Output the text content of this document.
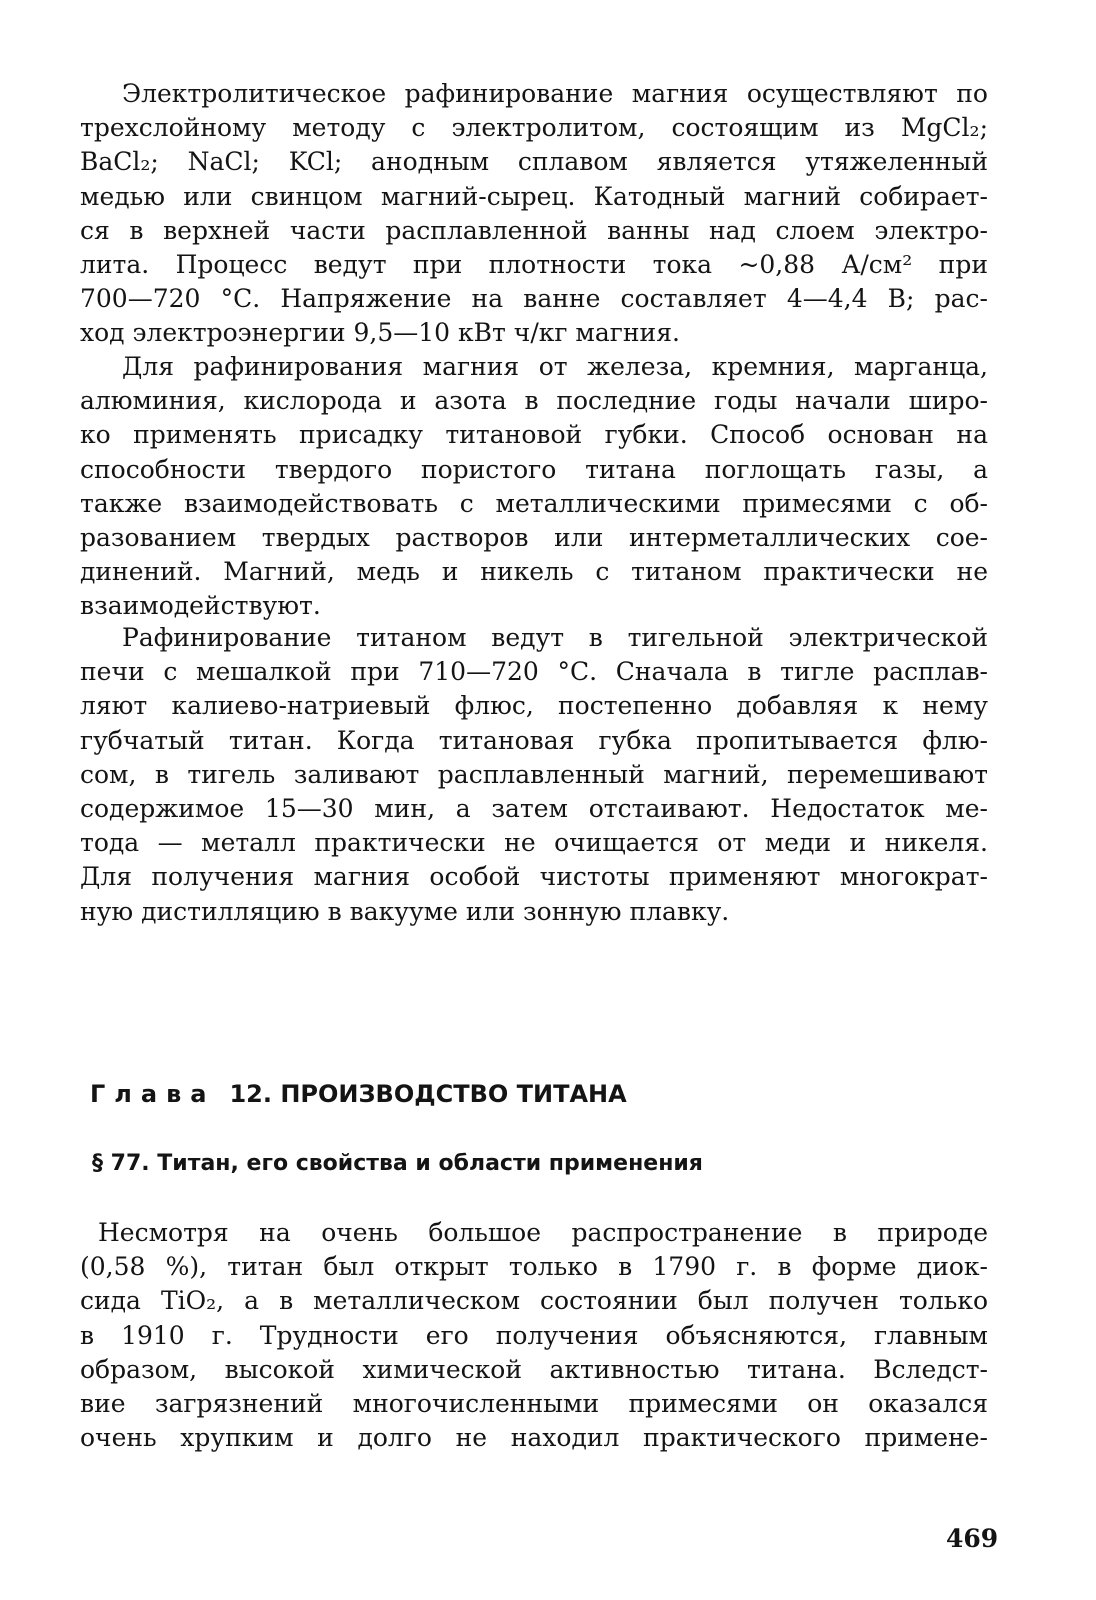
Электролитическое рафинирование магния осуществляют по
трехслойному методу с электролитом, состоящим из MgCl₂;
BaCl₂; NaCl; KCl; анодным сплавом является утяжеленный
медью или свинцом магний-сырец. Катодный магний собирает-
ся в верхней части расплавленной ванны над слоем электро-
лита. Процесс ведут при плотности тока ~0,88 А/см² при
700—720 °С. Напряжение на ванне составляет 4—4,4 В; рас-
ход электроэнергии 9,5—10 кВт ч/кг магния.
Для рафинирования магния от железа, кремния, марганца,
алюминия, кислорода и азота в последние годы начали широ-
ко применять присадку титановой губки. Способ основан на
способности твердого пористого титана поглощать газы, а
также взаимодействовать с металлическими примесями с об-
разованием твердых растворов или интерметаллических сое-
динений. Магний, медь и никель с титаном практически не
взаимодействуют.
Рафинирование титаном ведут в тигельной электрической
печи с мешалкой при 710—720 °С. Сначала в тигле расплав-
ляют калиево-натриевый флюс, постепенно добавляя к нему
губчатый титан. Когда титановая губка пропитывается флю-
сом, в тигель заливают расплавленный магний, перемешивают
содержимое 15—30 мин, а затем отстаивают. Недостаток ме-
тода — металл практически не очищается от меди и никеля.
Для получения магния особой чистоты применяют многократ-
ную дистилляцию в вакууме или зонную плавку.
Глава 12. ПРОИЗВОДСТВО ТИТАНА
§ 77. Титан, его свойства и области применения
Несмотря на очень большое распространение в природе
(0,58 %), титан был открыт только в 1790 г. в форме диок-
сида TiO₂, а в металлическом состоянии был получен только
в 1910 г. Трудности его получения объясняются, главным
образом, высокой химической активностью титана. Вследст-
вие загрязнений многочисленными примесями он оказался
очень хрупким и долго не находил практического примене-
469
